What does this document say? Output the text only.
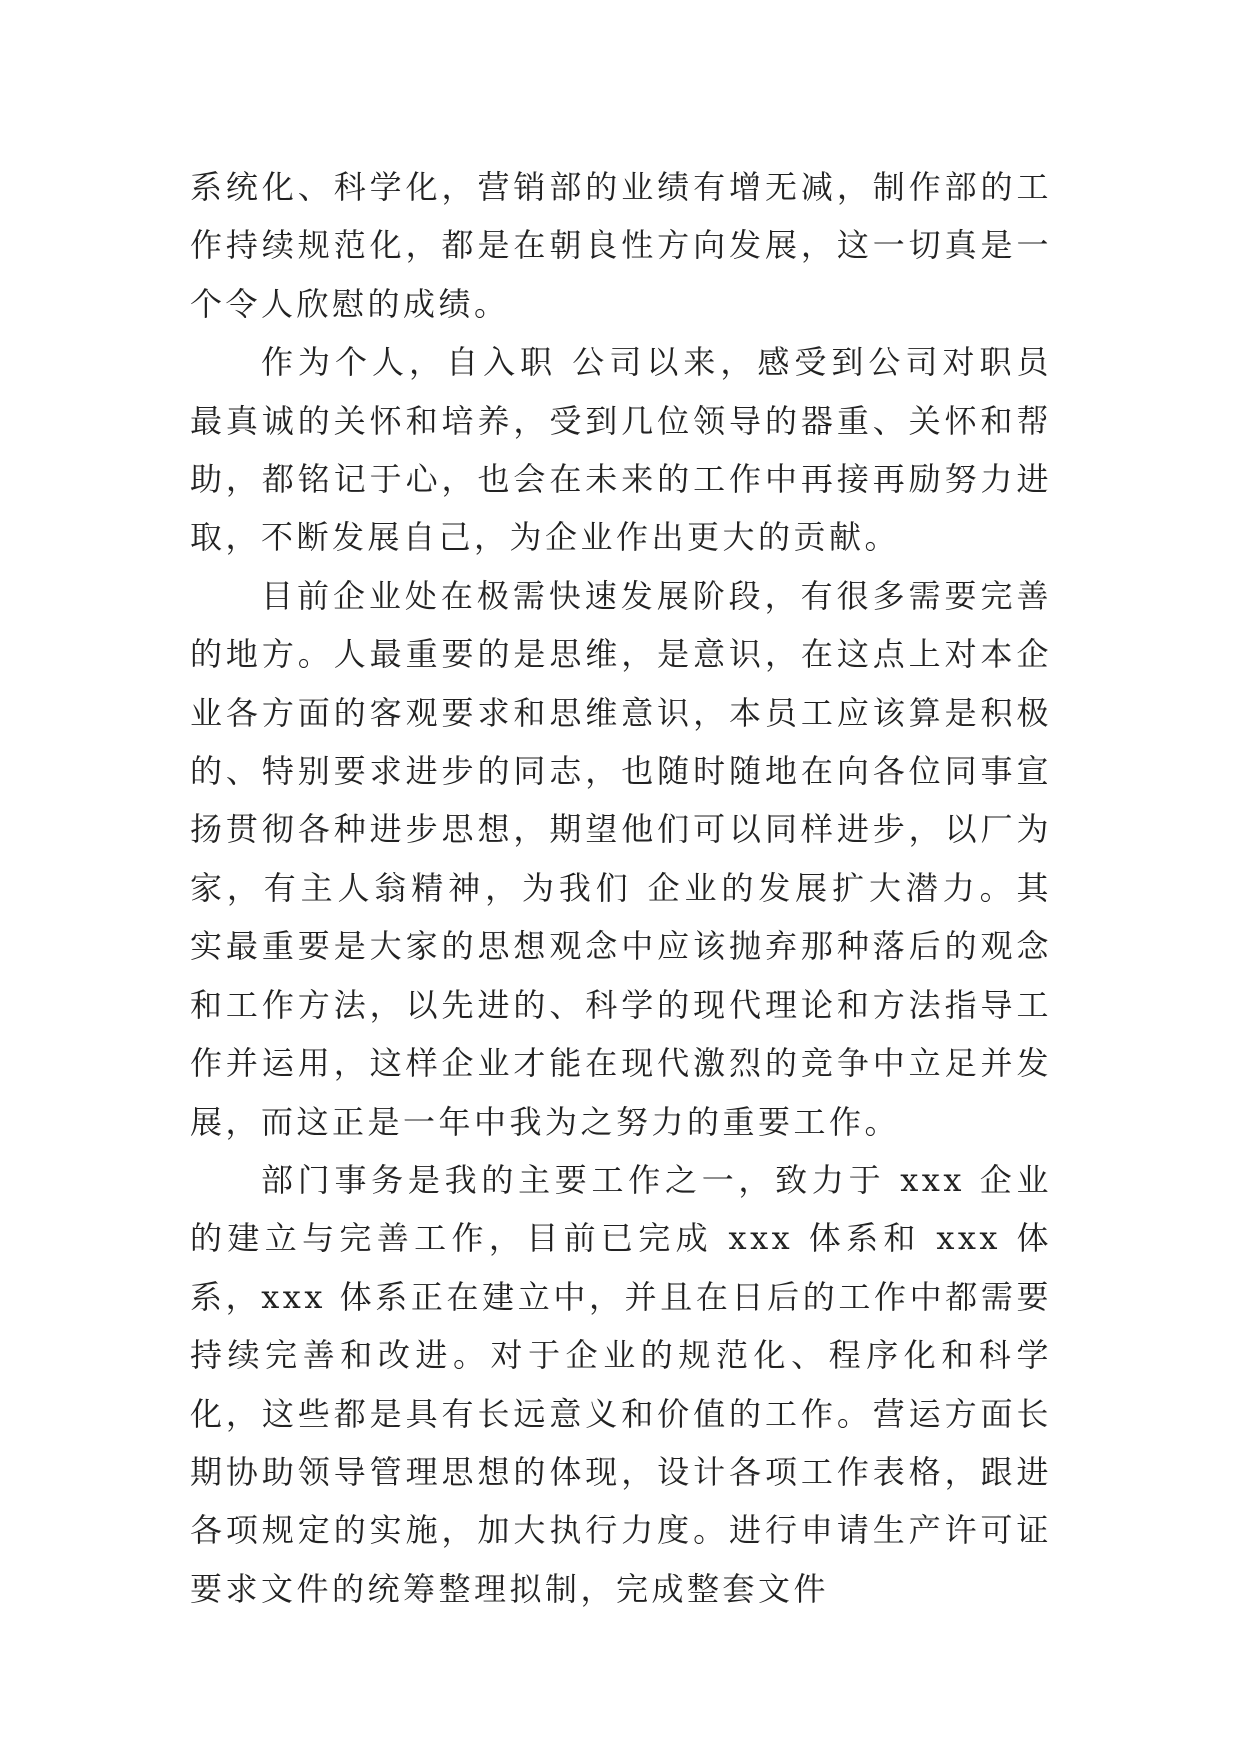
系统化、科学化，营销部的业绩有增无减，制作部的工作持续规范化，都是在朝良性方向发展，这一切真是一个令人欣慰的成绩。

作为个人，自入职 公司以来，感受到公司对职员最真诚的关怀和培养，受到几位领导的器重、关怀和帮助，都铭记于心，也会在未来的工作中再接再励努力进取，不断发展自己，为企业作出更大的贡献。

目前企业处在极需快速发展阶段，有很多需要完善的地方。人最重要的是思维，是意识，在这点上对本企业各方面的客观要求和思维意识，本员工应该算是积极的、特别要求进步的同志，也随时随地在向各位同事宣扬贯彻各种进步思想，期望他们可以同样进步，以厂为家，有主人翁精神，为我们 企业的发展扩大潜力。其实最重要是大家的思想观念中应该抛弃那种落后的观念和工作方法，以先进的、科学的现代理论和方法指导工作并运用，这样企业才能在现代激烈的竞争中立足并发展，而这正是一年中我为之努力的重要工作。

部门事务是我的主要工作之一，致力于 xxx 企业的建立与完善工作，目前已完成 xxx 体系和 xxx 体系，xxx 体系正在建立中，并且在日后的工作中都需要持续完善和改进。对于企业的规范化、程序化和科学化，这些都是具有长远意义和价值的工作。营运方面长期协助领导管理思想的体现，设计各项工作表格，跟进各项规定的实施，加大执行力度。进行申请生产许可证要求文件的统筹整理拟制，完成整套文件
